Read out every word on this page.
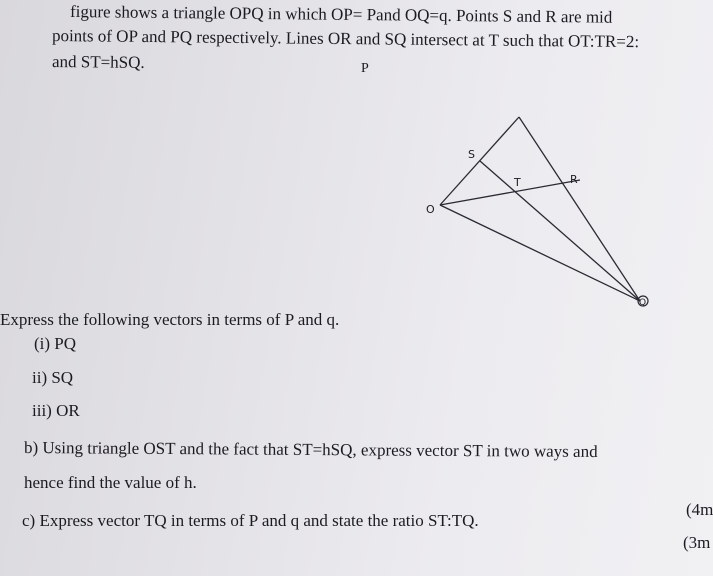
figure shows a triangle OPQ in which OP= Pand OQ=q. Points S and R are mid
points of OP and PQ respectively. Lines OR and SQ intersect at T such that OT:TR=2:
and ST=hSQ.	P
S
T	R
O
Q
Express the following vectors in terms of P and q.
(i) PQ
ii) SQ
iii) OR
b) Using triangle OST and the fact that ST=hSQ, express vector ST in two ways and
hence find the value of h.
(4m
c) Express vector TQ in terms of P and q and state the ratio ST:TQ.
(3m
